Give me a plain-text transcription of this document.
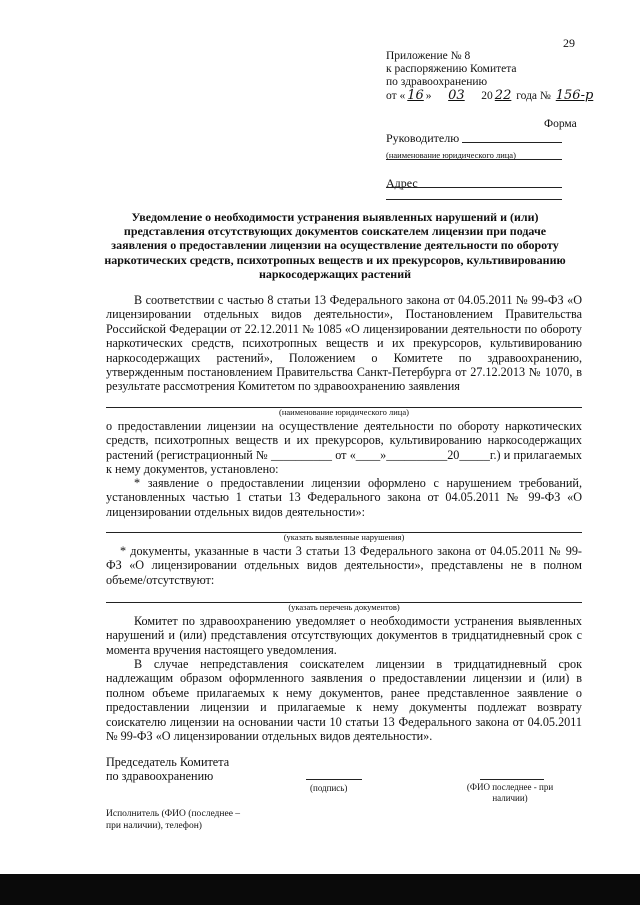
29
Приложение № 8
к распоряжению Комитета
по здравоохранению
от « 16 » 03 20 22 года № 156-р
Форма
Руководителю
(наименование юридического лица)
Адрес
Уведомление о необходимости устранения выявленных нарушений и (или) представления отсутствующих документов соискателем лицензии при подаче заявления о предоставлении лицензии на осуществление деятельности по обороту наркотических средств, психотропных веществ и их прекурсоров, культивированию наркосодержащих растений
В соответствии с частью 8 статьи 13 Федерального закона от 04.05.2011 № 99-ФЗ «О лицензировании отдельных видов деятельности», Постановлением Правительства Российской Федерации от 22.12.2011 № 1085 «О лицензировании деятельности по обороту наркотических средств, психотропных веществ и их прекурсоров, культивированию наркосодержащих растений», Положением о Комитете по здравоохранению, утвержденным постановлением Правительства Санкт-Петербурга от 27.12.2013 № 1070, в результате рассмотрения Комитетом по здравоохранению заявления
(наименование юридического лица)
о предоставлении лицензии на осуществление деятельности по обороту наркотических средств, психотропных веществ и их прекурсоров, культивированию наркосодержащих растений (регистрационный № __________ от «____»__________20_____г.) и прилагаемых к нему документов, установлено:
* заявление о предоставлении лицензии оформлено с нарушением требований, установленных частью 1 статьи 13 Федерального закона от 04.05.2011 № 99-ФЗ «О лицензировании отдельных видов деятельности»:
(указать выявленные нарушения)
* документы, указанные в части 3 статьи 13 Федерального закона от 04.05.2011 № 99-ФЗ «О лицензировании отдельных видов деятельности», представлены не в полном объеме/отсутствуют:
(указать перечень документов)
Комитет по здравоохранению уведомляет о необходимости устранения выявленных нарушений и (или) представления отсутствующих документов в тридцатидневный срок с момента вручения настоящего уведомления.
В случае непредставления соискателем лицензии в тридцатидневный срок надлежащим образом оформленного заявления о предоставлении лицензии и (или) в полном объеме прилагаемых к нему документов, ранее представленное заявление о предоставлении лицензии и прилагаемые к нему документы подлежат возврату соискателю лицензии на основании части 10 статьи 13 Федерального закона от 04.05.2011 № 99-ФЗ «О лицензировании отдельных видов деятельности».
Председатель Комитета
по здравоохранению
(подпись)	(ФИО последнее - при
наличии)
Исполнитель (ФИО (последнее –
при наличии), телефон)
